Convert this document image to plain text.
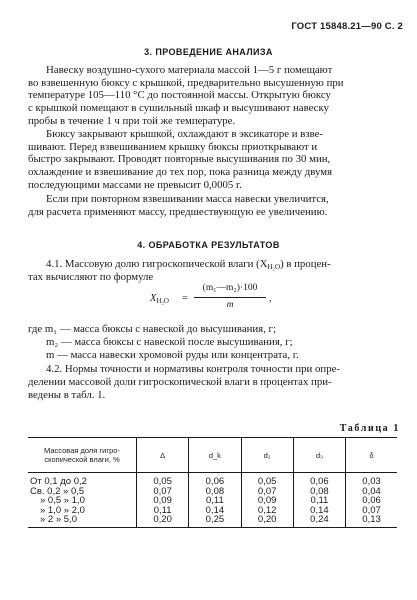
ГОСТ 15848.21—90 С. 2
3. ПРОВЕДЕНИЕ АНАЛИЗА
Навеску воздушно-сухого материала массой 1—5 г помещают
во взвешенную бюксу с крышкой, предварительно высушенную при
температуре 105—110 °С до постоянной массы. Открытую бюксу
с крышкой помещают в сушильный шкаф и высушивают навеску
пробы в течение 1 ч при той же температуре.
Бюксу закрывают крышкой, охлаждают в эксикаторе и взве-
шивают. Перед взвешиванием крышку бюксы приоткрывают и
быстро закрывают. Проводят повторные высушивания по 30 мин,
охлаждение и взвешивание до тех пор, пока разница между двумя
последующими массами не превысит 0,0005 г.
Если при повторном взвешивании масса навески увеличится,
для расчета применяют массу, предшествующую ее увеличению.
4. ОБРАБОТКА РЕЗУЛЬТАТОВ
4.1. Массовую долю гигроскопической влаги (XH₂O) в процен-
тах вычисляют по формуле
XH₂O =
(m₁—m₂)·100
m
,
где m₁ — масса бюксы с навеской до высушивания, г;
m₂ — масса бюксы с навеской после высушивания, г;
m — масса навески хромовой руды или концентрата, г.
4.2. Нормы точности и нормативы контроля точности при опре-
делении массовой доли гигроскопической влаги в процентах при-
ведены в табл. 1.
Таблица 1
Массовая доля гигро-скопической влаги, %	Δ	d_k	d₂	d₃	δ
От 0,1 до 0,2	0,05	0,06	0,05	0,06	0,03
Св. 0,2 » 0,5	0,07	0,08	0,07	0,08	0,04
» 0,5 » 1,0	0,09	0,11	0,09	0,11	0,06
» 1,0 » 2,0	0,11	0,14	0,12	0,14	0,07
» 2 » 5,0	0,20	0,25	0,20	0,24	0,13
